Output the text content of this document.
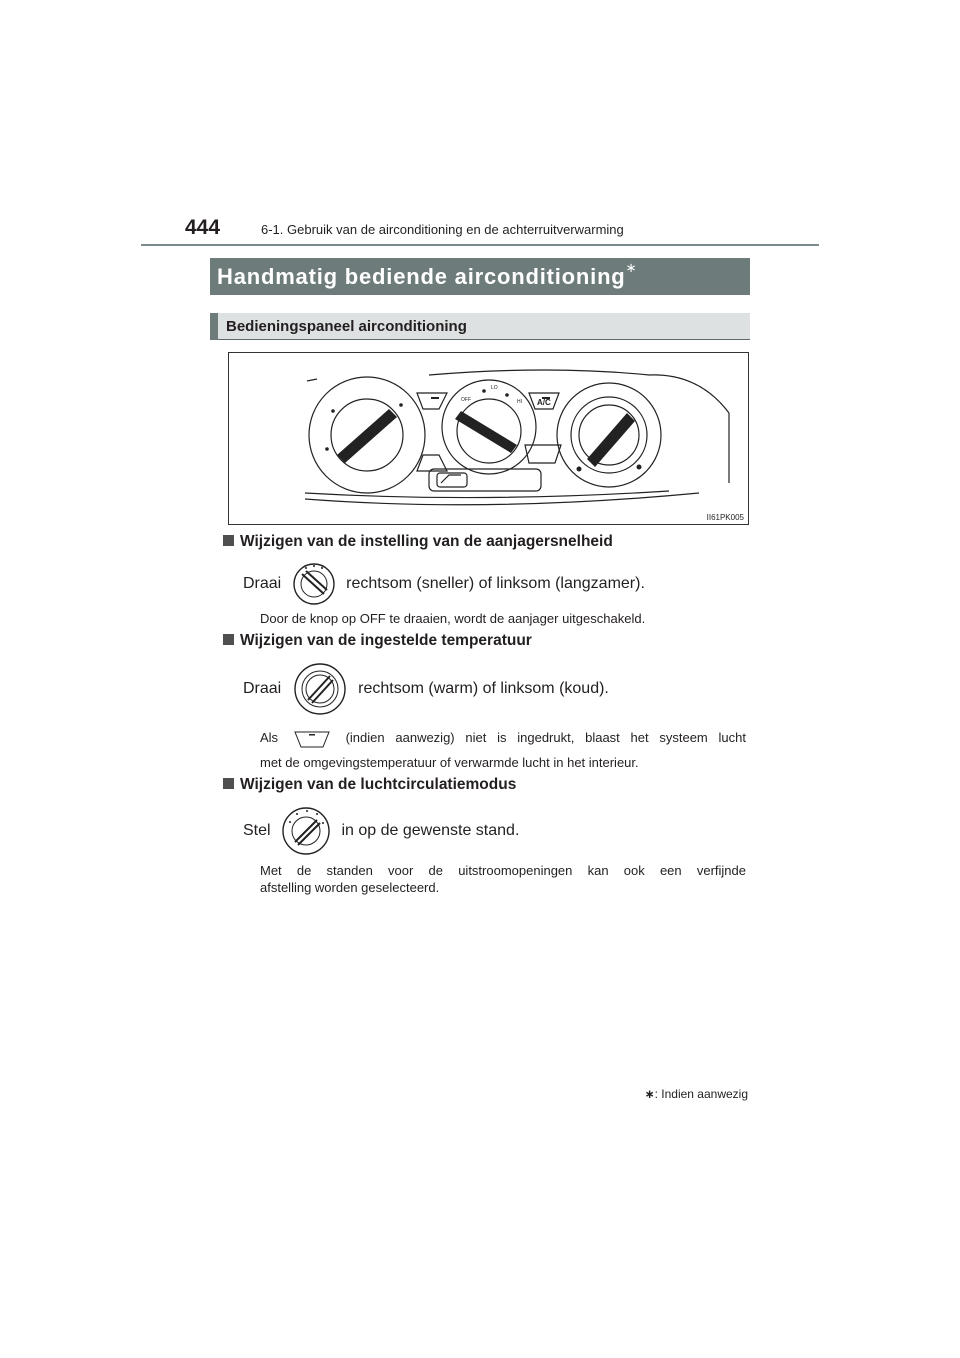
444	6-1. Gebruik van de airconditioning en de achterruitverwarming
Handmatig bediende airconditioning∗
Bedieningspaneel airconditioning
A/C
OFF
LO
HI
II61PK005
Wijzigen van de instelling van de aanjagersnelheid
Draai	rechtsom (sneller) of linksom (langzamer).
Door de knop op OFF te draaien, wordt de aanjager uitgeschakeld.
Wijzigen van de ingestelde temperatuur
Draai	rechtsom (warm) of linksom (koud).
Als	(indien aanwezig) niet is ingedrukt, blaast het systeem lucht
met de omgevingstemperatuur of verwarmde lucht in het interieur.
Wijzigen van de luchtcirculatiemodus
Stel	in op de gewenste stand.
Met de standen voor de uitstroomopeningen kan ook een verfijnde
afstelling worden geselecteerd.
∗: Indien aanwezig
